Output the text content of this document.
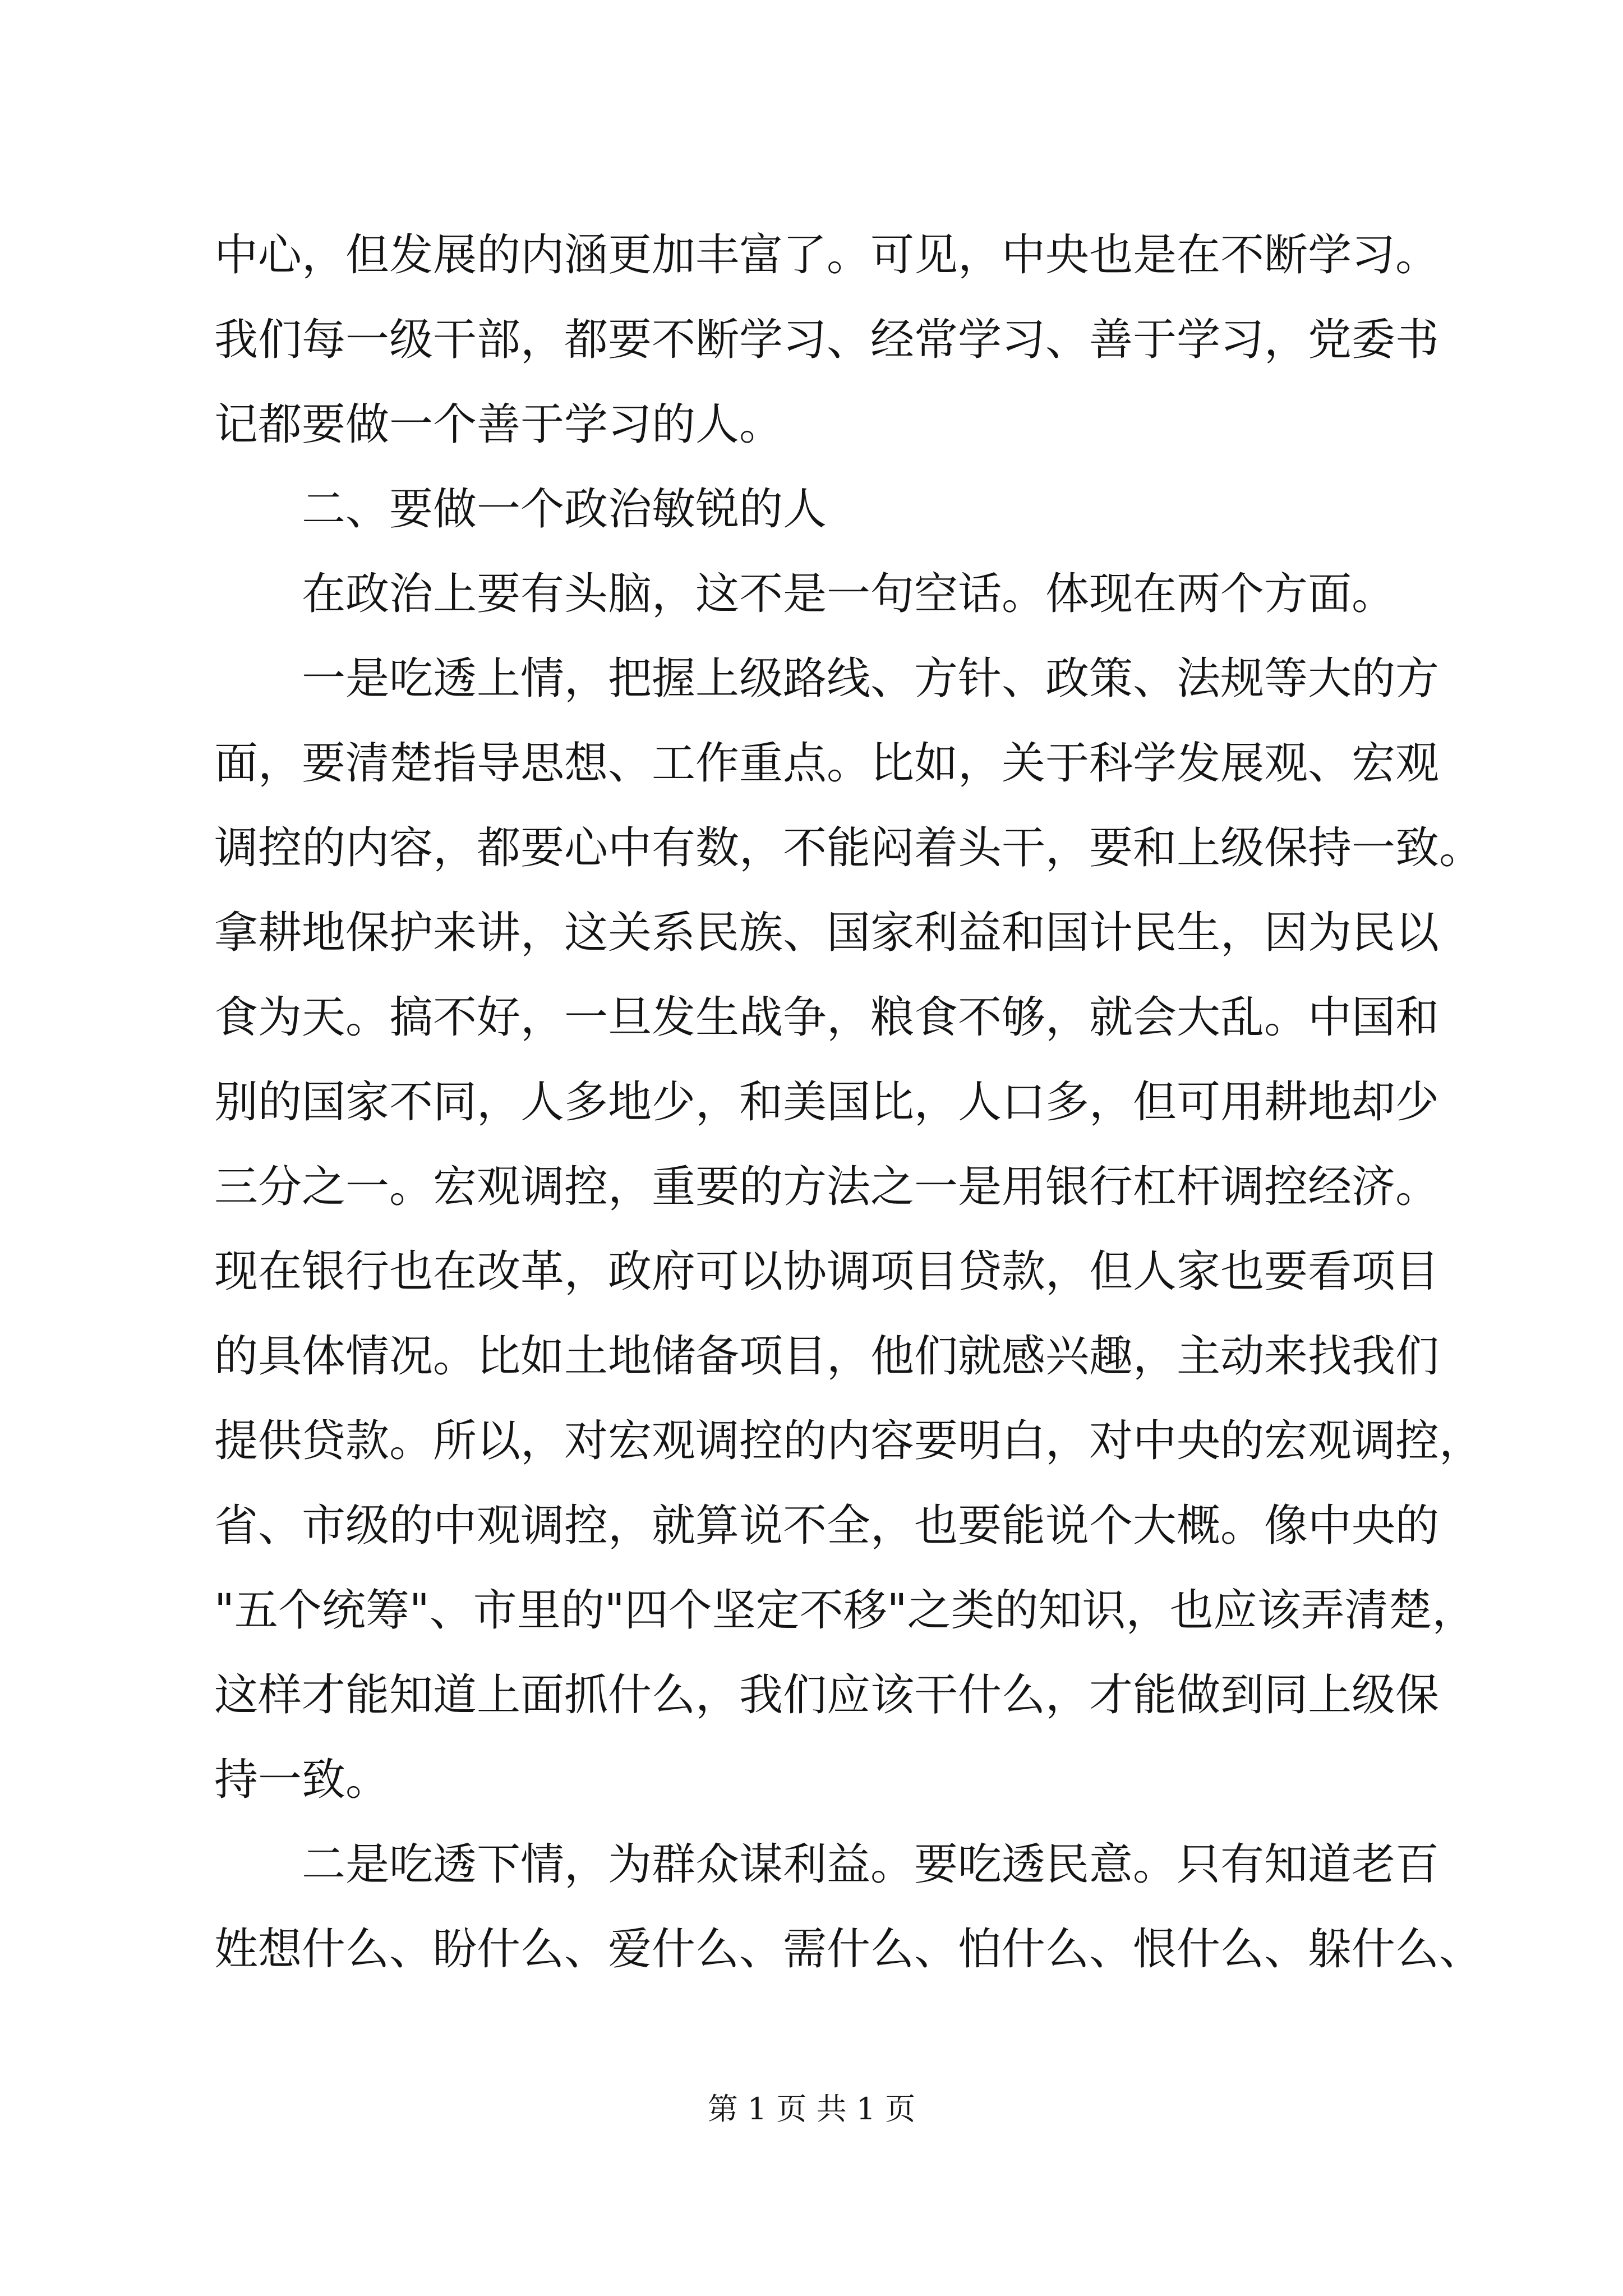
中心，但发展的内涵更加丰富了。可见，中央也是在不断学习。
我们每一级干部，都要不断学习、经常学习、善于学习，党委书
记都要做一个善于学习的人。
二、要做一个政治敏锐的人
在政治上要有头脑，这不是一句空话。体现在两个方面。
一是吃透上情，把握上级路线、方针、政策、法规等大的方
面，要清楚指导思想、工作重点。比如，关于科学发展观、宏观
调控的内容，都要心中有数，不能闷着头干，要和上级保持一致。
拿耕地保护来讲，这关系民族、国家利益和国计民生，因为民以
食为天。搞不好，一旦发生战争，粮食不够，就会大乱。中国和
别的国家不同，人多地少，和美国比，人口多，但可用耕地却少
三分之一。宏观调控，重要的方法之一是用银行杠杆调控经济。
现在银行也在改革，政府可以协调项目贷款，但人家也要看项目
的具体情况。比如土地储备项目，他们就感兴趣，主动来找我们
提供贷款。所以，对宏观调控的内容要明白，对中央的宏观调控，
省、市级的中观调控，就算说不全，也要能说个大概。像中央的
"五个统筹"、市里的"四个坚定不移"之类的知识，也应该弄清楚，
这样才能知道上面抓什么，我们应该干什么，才能做到同上级保
持一致。
二是吃透下情，为群众谋利益。要吃透民意。只有知道老百
姓想什么、盼什么、爱什么、需什么、怕什么、恨什么、躲什么、
第 1 页 共 1 页
